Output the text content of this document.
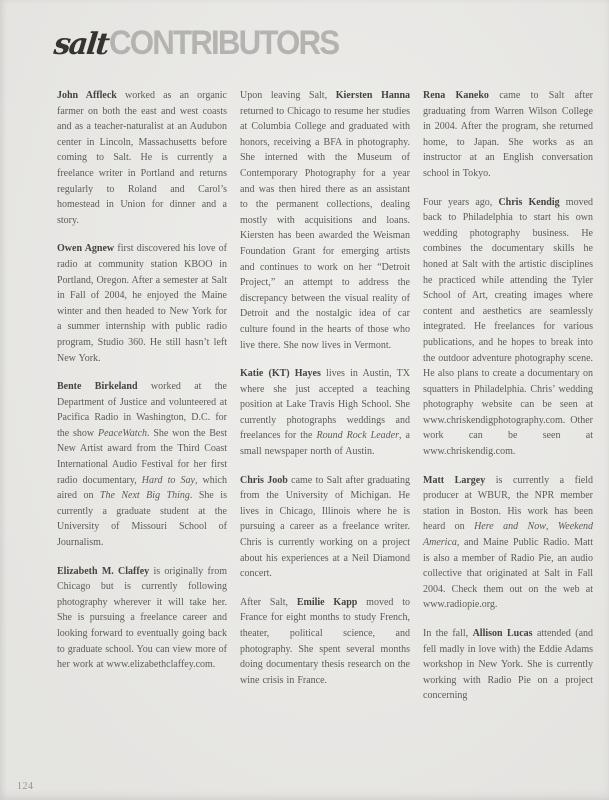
saltCONTRIBUTORS

John Affleck worked as an organic farmer on both the east and west coasts and as a teacher-naturalist at an Audubon center in Lincoln, Massachusetts before coming to Salt. He is currently a freelance writer in Portland and returns regularly to Roland and Carol’s homestead in Union for dinner and a story.

Owen Agnew first discovered his love of radio at community station KBOO in Portland, Oregon. After a semester at Salt in Fall of 2004, he enjoyed the Maine winter and then headed to New York for a summer internship with public radio program, Studio 360. He still hasn’t left New York.

Bente Birkeland worked at the Department of Justice and volunteered at Pacifica Radio in Washington, D.C. for the show PeaceWatch. She won the Best New Artist award from the Third Coast International Audio Festival for her first radio documentary, Hard to Say, which aired on The Next Big Thing. She is currently a graduate student at the University of Missouri School of Journalism.

Elizabeth M. Claffey is originally from Chicago but is currently following photography wherever it will take her. She is pursuing a freelance career and looking forward to eventually going back to graduate school. You can view more of her work at www.elizabethclaffey.com.

Upon leaving Salt, Kiersten Hanna returned to Chicago to resume her studies at Columbia College and graduated with honors, receiving a BFA in photography. She interned with the Museum of Contemporary Photography for a year and was then hired there as an assistant to the permanent collections, dealing mostly with acquisitions and loans. Kiersten has been awarded the Weisman Foundation Grant for emerging artists and continues to work on her “Detroit Project,” an attempt to address the discrepancy between the visual reality of Detroit and the nostalgic idea of car culture found in the hearts of those who live there. She now lives in Vermont.

Katie (KT) Hayes lives in Austin, TX where she just accepted a teaching position at Lake Travis High School. She currently photographs weddings and freelances for the Round Rock Leader, a small newspaper north of Austin.

Chris Joob came to Salt after graduating from the University of Michigan. He lives in Chicago, Illinois where he is pursuing a career as a freelance writer. Chris is currently working on a project about his experiences at a Neil Diamond concert.

After Salt, Emilie Kapp moved to France for eight months to study French, theater, political science, and photography. She spent several months doing documentary thesis research on the wine crisis in France.

Rena Kaneko came to Salt after graduating from Warren Wilson College in 2004. After the program, she returned home, to Japan. She works as an instructor at an English conversation school in Tokyo.

Four years ago, Chris Kendig moved back to Philadelphia to start his own wedding photography business. He combines the documentary skills he honed at Salt with the artistic disciplines he practiced while attending the Tyler School of Art, creating images where content and aesthetics are seamlessly integrated. He freelances for various publications, and he hopes to break into the outdoor adventure photography scene. He also plans to create a documentary on squatters in Philadelphia. Chris’ wedding photography website can be seen at www.chriskendigphotography.com. Other work can be seen at www.chriskendig.com.

Matt Largey is currently a field producer at WBUR, the NPR member station in Boston. His work has been heard on Here and Now, Weekend America, and Maine Public Radio. Matt is also a member of Radio Pie, an audio collective that originated at Salt in Fall 2004. Check them out on the web at www.radiopie.org.

In the fall, Allison Lucas attended (and fell madly in love with) the Eddie Adams workshop in New York. She is currently working with Radio Pie on a project concerning

124
